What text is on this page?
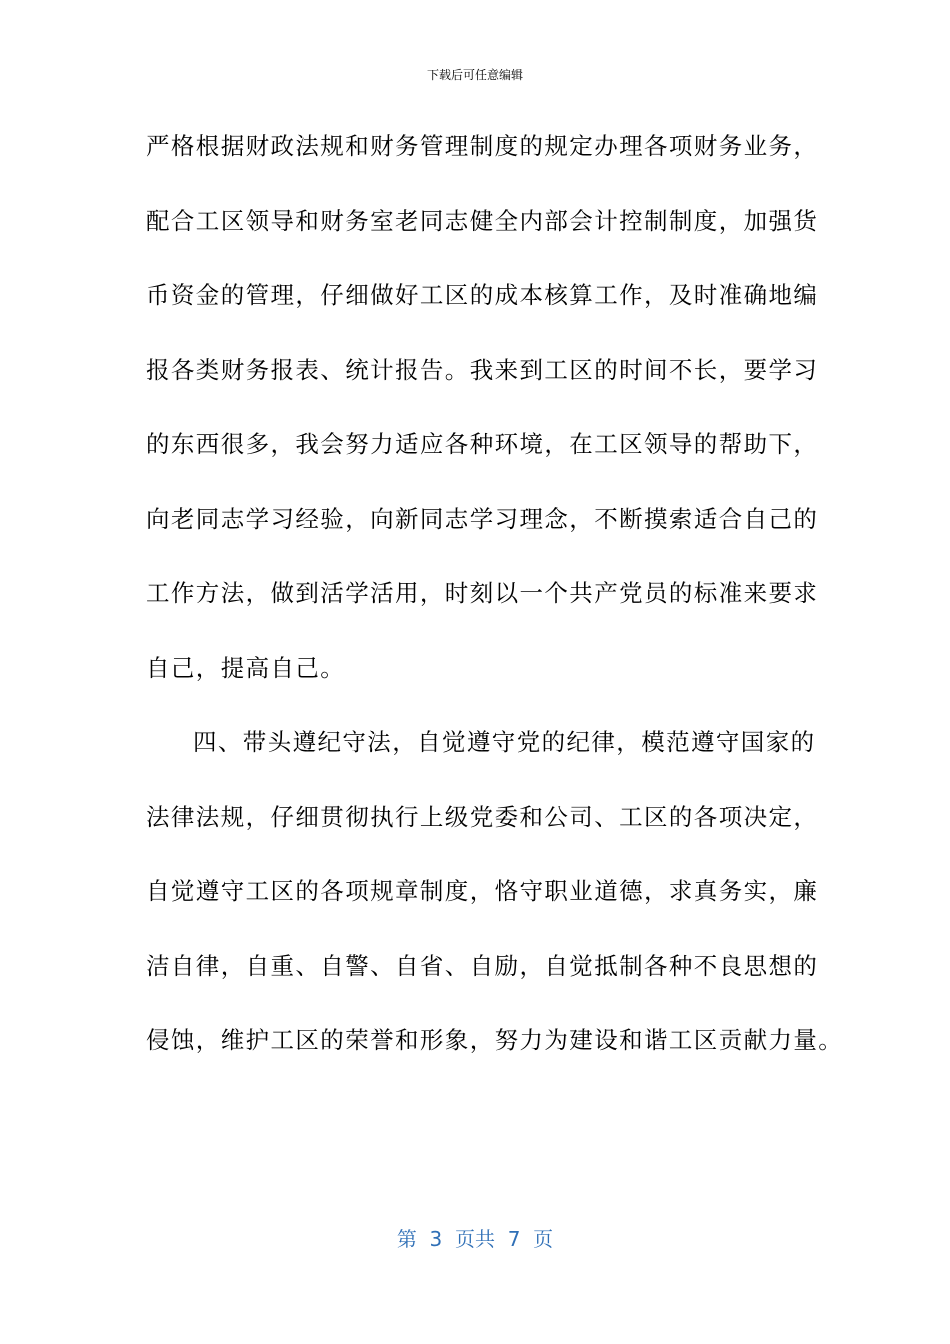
下载后可任意编辑
严格根据财政法规和财务管理制度的规定办理各项财务业务，
配合工区领导和财务室老同志健全内部会计控制制度，加强货
币资金的管理，仔细做好工区的成本核算工作，及时准确地编
报各类财务报表、统计报告。我来到工区的时间不长，要学习
的东西很多，我会努力适应各种环境，在工区领导的帮助下，
向老同志学习经验，向新同志学习理念，不断摸索适合自己的
工作方法，做到活学活用，时刻以一个共产党员的标准来要求
自己，提高自己。
四、带头遵纪守法，自觉遵守党的纪律，模范遵守国家的
法律法规，仔细贯彻执行上级党委和公司、工区的各项决定，
自觉遵守工区的各项规章制度，恪守职业道德，求真务实，廉
洁自律，自重、自警、自省、自励，自觉抵制各种不良思想的
侵蚀，维护工区的荣誉和形象，努力为建设和谐工区贡献力量。
第  3  页共  7  页
